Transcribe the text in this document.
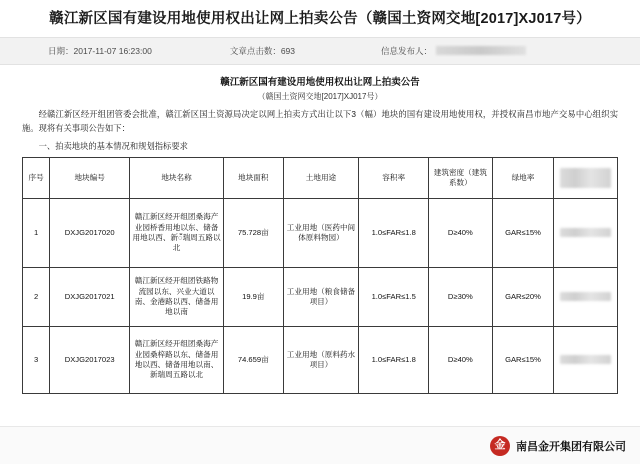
赣江新区国有建设用地使用权出让网上拍卖公告（赣国土资网交地[2017]XJ017号）
日期：2017-11-07 16:23:00	文章点击数：693	信息发布人：
赣江新区国有建设用地使用权出让网上拍卖公告
（赣国土资网交地[2017]XJ017号）
经赣江新区经开组团管委会批准，赣江新区国土资源局决定以网上拍卖方式出让以下3（幅）地块的国有建设用地使用权，并授权南昌市地产交易中心组织实施。现将有关事项公告如下：
一、拍卖地块的基本情况和规划指标要求
序号	地块编号	地块名称	地块面积	土地用途	容积率	建筑密度（建筑系数）	绿地率	

1	DXJG2017020	赣江新区经开组团桑海产业园桥香用地以东、储备用地以西、新ँ瑞周五路以北	75.728亩	工业用地（医药中间体原料物园）	1.0≤FAR≤1.8	D≥40%	GAR≤15%	

2	DXJG2017021	赣江新区经开组团铁路物流园以东、兴业大道以南、金港路以西、储备用地以南	19.9亩	工业用地（粮食储备项目）	1.0≤FAR≤1.5	D≥30%	GAR≤20%	

3	DXJG2017023	赣江新区经开组团桑海产业园桑梓路以东、储备用地以西、储备用地以南、新瑞周五路以北	74.659亩	工业用地（原料药水项目）	1.0≤FAR≤1.8	D≥40%	GAR≤15%	
金 南昌金开集团有限公司
